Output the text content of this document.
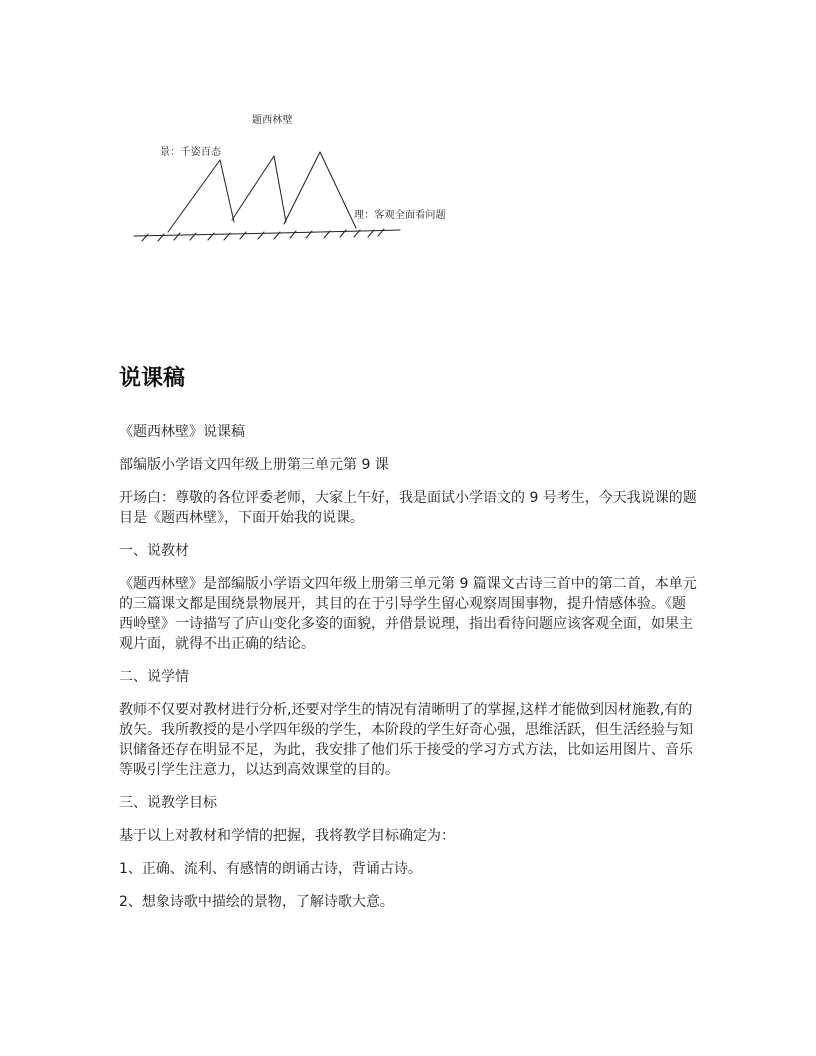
题西林壁
景：千姿百态
理：客观全面看问题
说课稿

《题西林壁》说课稿

部编版小学语文四年级上册第三单元第 9 课

开场白：尊敬的各位评委老师，大家上午好，我是面试小学语文的 9 号考生，今天我说课的题目是《题西林壁》，下面开始我的说课。

一、说教材

《题西林壁》是部编版小学语文四年级上册第三单元第 9 篇课文古诗三首中的第二首，本单元的三篇课文都是围绕景物展开，其目的在于引导学生留心观察周围事物，提升情感体验。《题西岭壁》一诗描写了庐山变化多姿的面貌，并借景说理，指出看待问题应该客观全面，如果主观片面，就得不出正确的结论。

二、说学情

教师不仅要对教材进行分析,还要对学生的情况有清晰明了的掌握,这样才能做到因材施教,有的放矢。我所教授的是小学四年级的学生，本阶段的学生好奇心强，思维活跃，但生活经验与知识储备还存在明显不足，为此，我安排了他们乐于接受的学习方式方法，比如运用图片、音乐等吸引学生注意力，以达到高效课堂的目的。

三、说教学目标

基于以上对教材和学情的把握，我将教学目标确定为：

1、正确、流利、有感情的朗诵古诗，背诵古诗。

2、想象诗歌中描绘的景物，了解诗歌大意。
